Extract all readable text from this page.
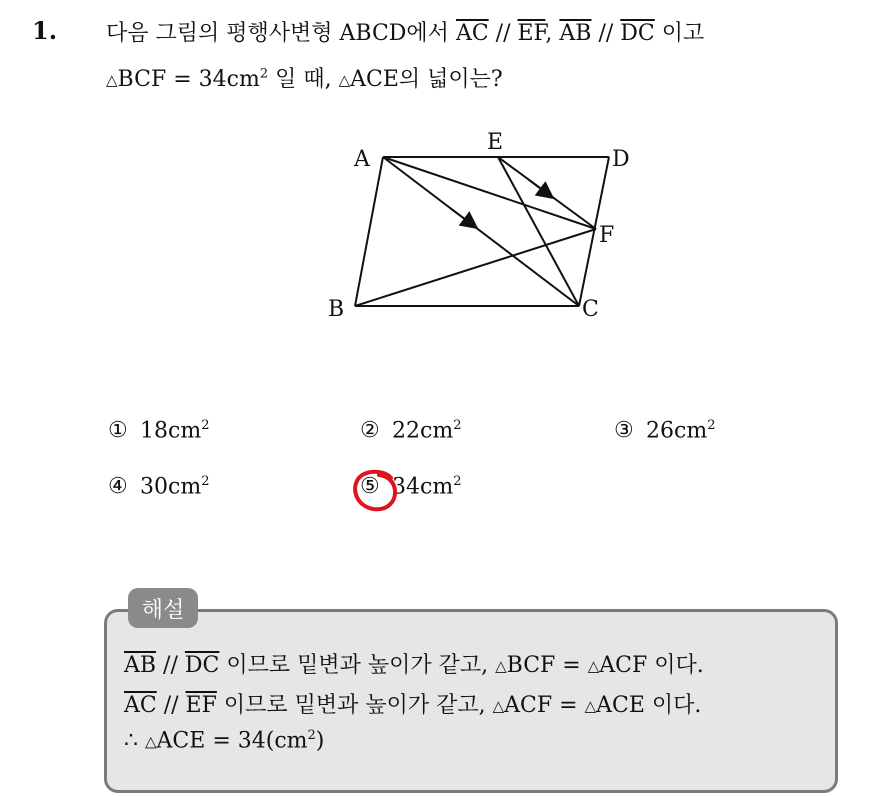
1. 다음 그림의 평행사변형 ABCD에서 $\overline{AC} // \overline{EF}$, $\overline{AB} // \overline{DC}$ 이고
△BCF = $34cm^2$ 일 때, △ACE의 넓이는?
A
E
D
F
B	C
① $18cm^2$	② $22cm^2$	③ $26cm^2$
④ $30cm^2$	⑤ $34cm^2$
해설
$\overline{AB} // \overline{DC}$ 이므로 밑변과 높이가 같고, △BCF = △ACF 이다.
$\overline{AC} // \overline{EF}$ 이므로 밑변과 높이가 같고, △ACF = △ACE 이다.
∴ △ACE = $34(cm^2)$
